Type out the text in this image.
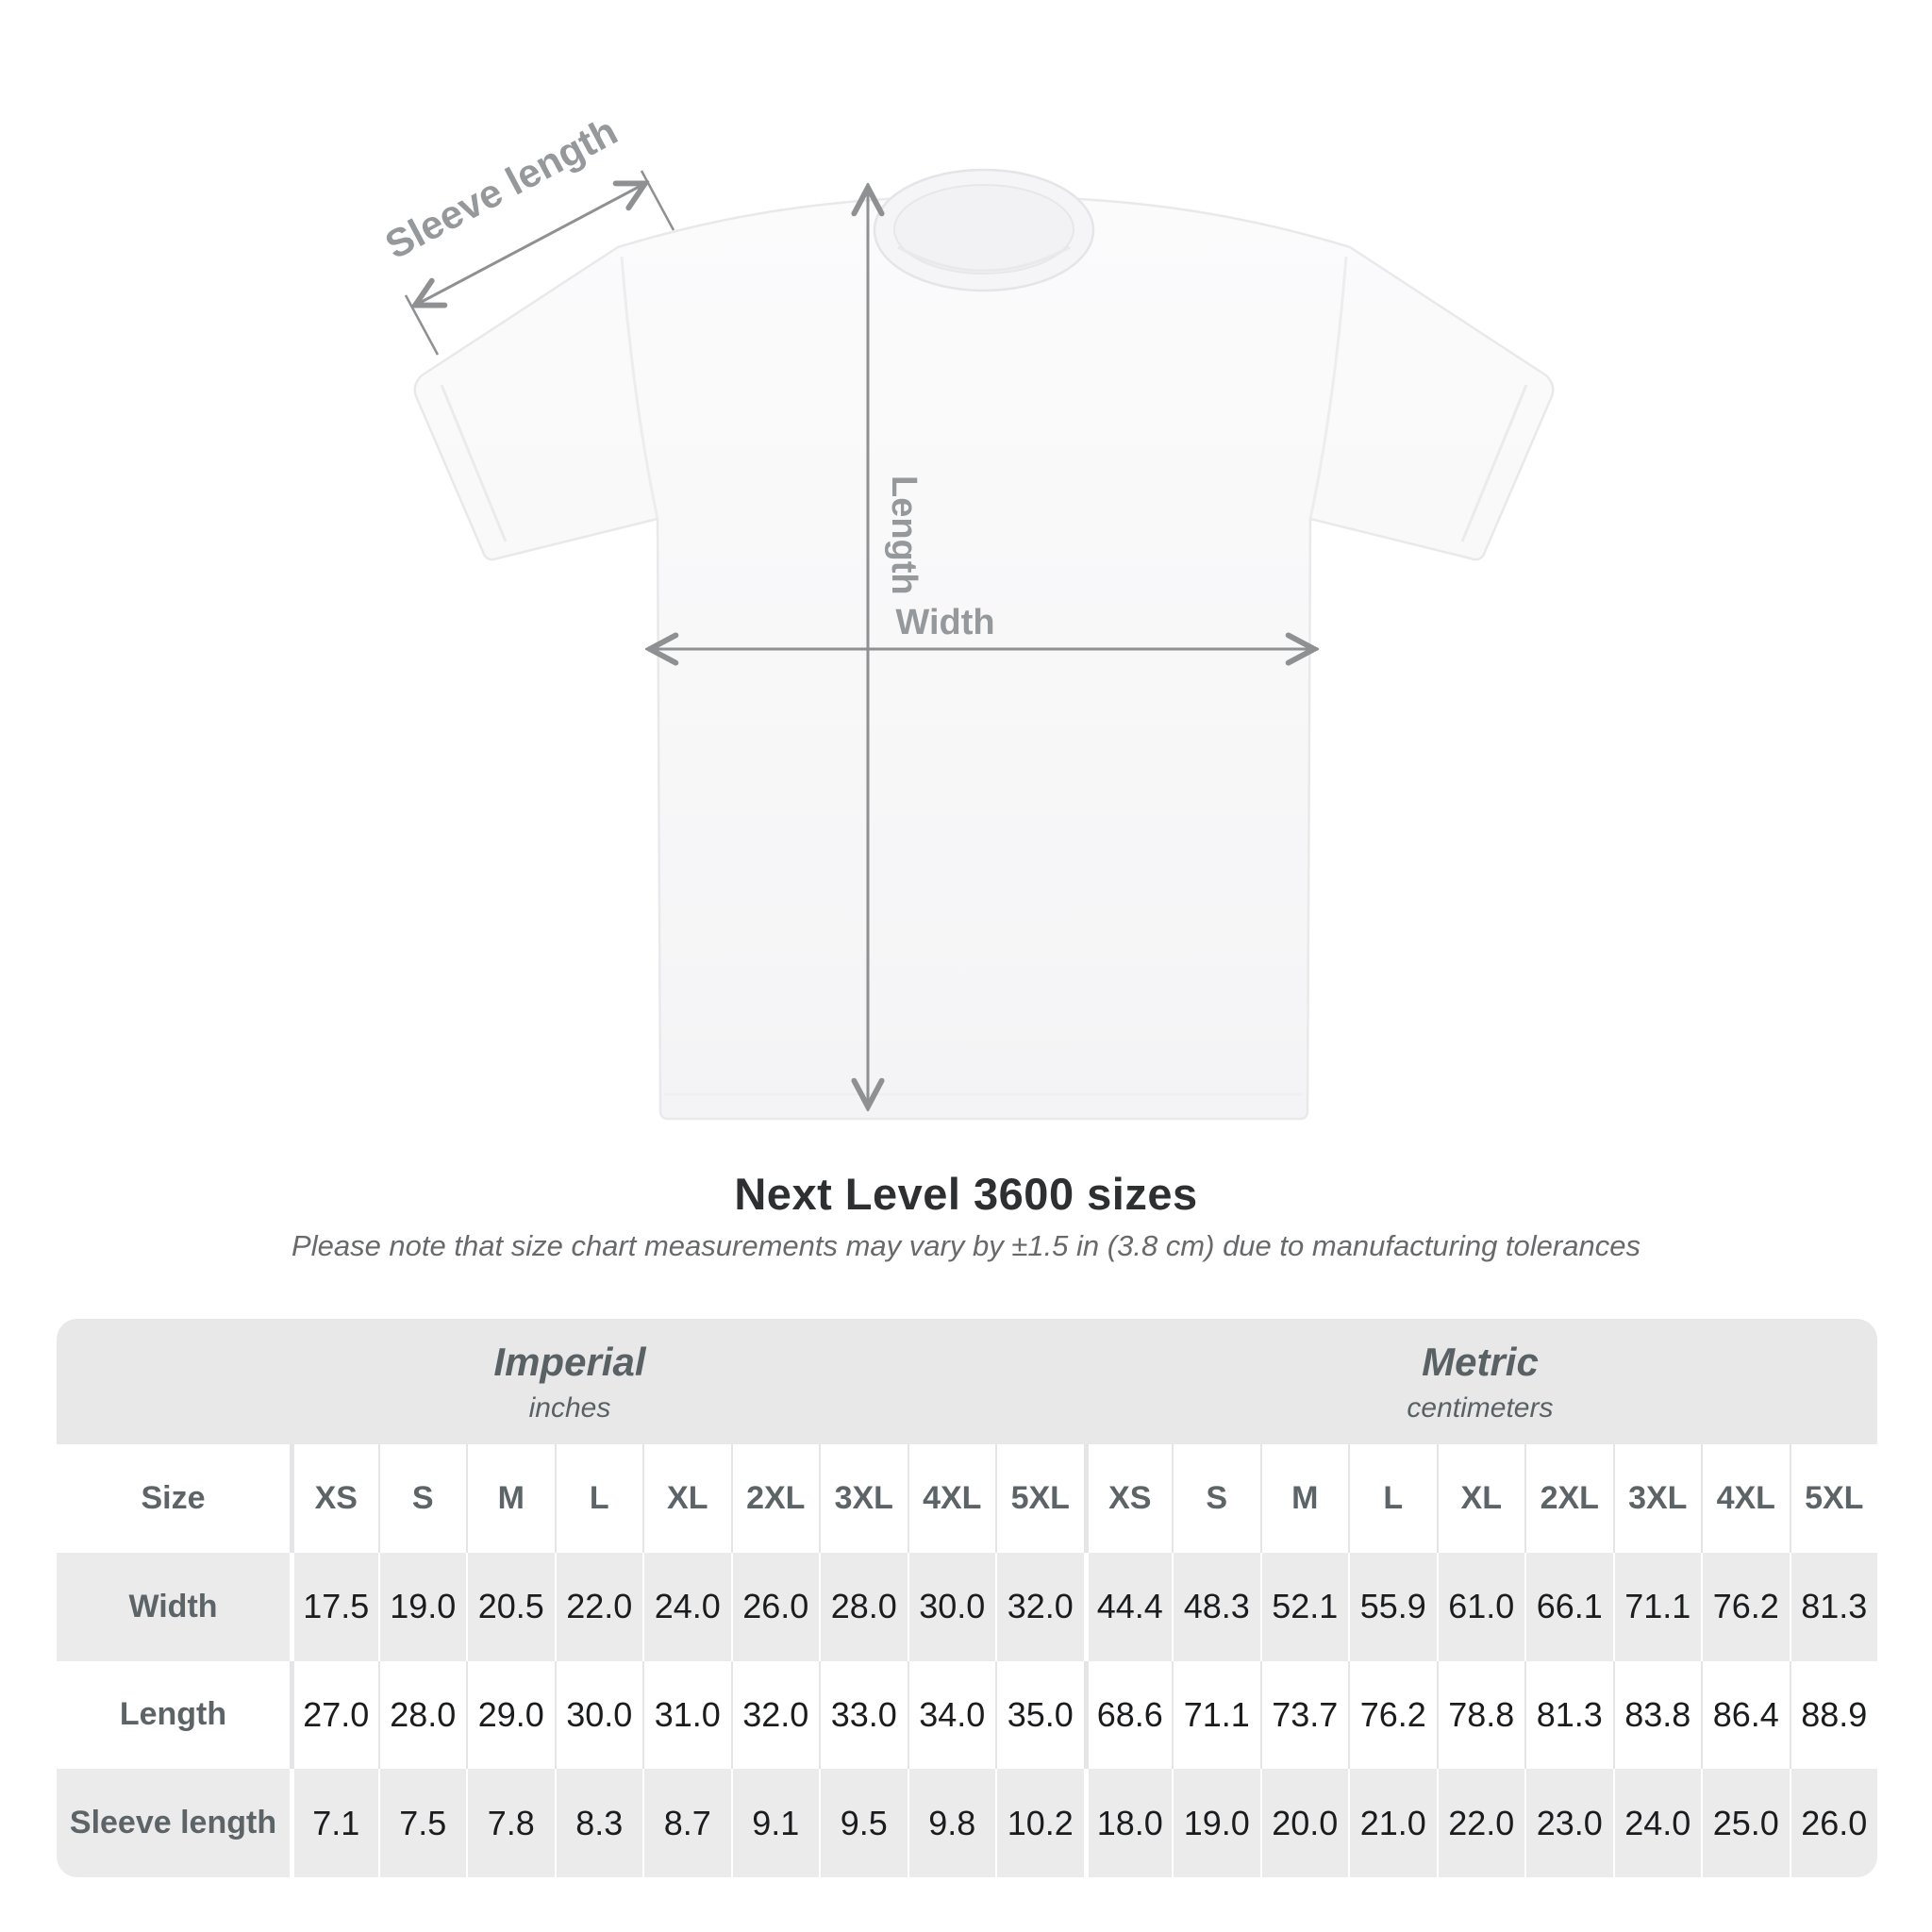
Sleeve length
Length
Width
Next Level 3600 sizes
Please note that size chart measurements may vary by ±1.5 in (3.8 cm) due to manufacturing tolerances
Imperial
inches
Metric
centimeters
Size	XS	S	M	L	XL	2XL 3XL 4XL 5XL	XS	S	M	L	XL	2XL 3XL 4XL 5XL
Width	17.5 19.0 20.5 22.0 24.0 26.0 28.0 30.0 32.0 44.4 48.3 52.1 55.9 61.0 66.1 71.1 76.2 81.3
Length	27.0 28.0 29.0 30.0 31.0 32.0 33.0 34.0 35.0 68.6 71.1 73.7 76.2 78.8 81.3 83.8 86.4 88.9
Sleeve length	7.1	7.5	7.8	8.3	8.7	9.1	9.5	9.8 10.2 18.0 19.0 20.0 21.0 22.0 23.0 24.0 25.0 26.0
